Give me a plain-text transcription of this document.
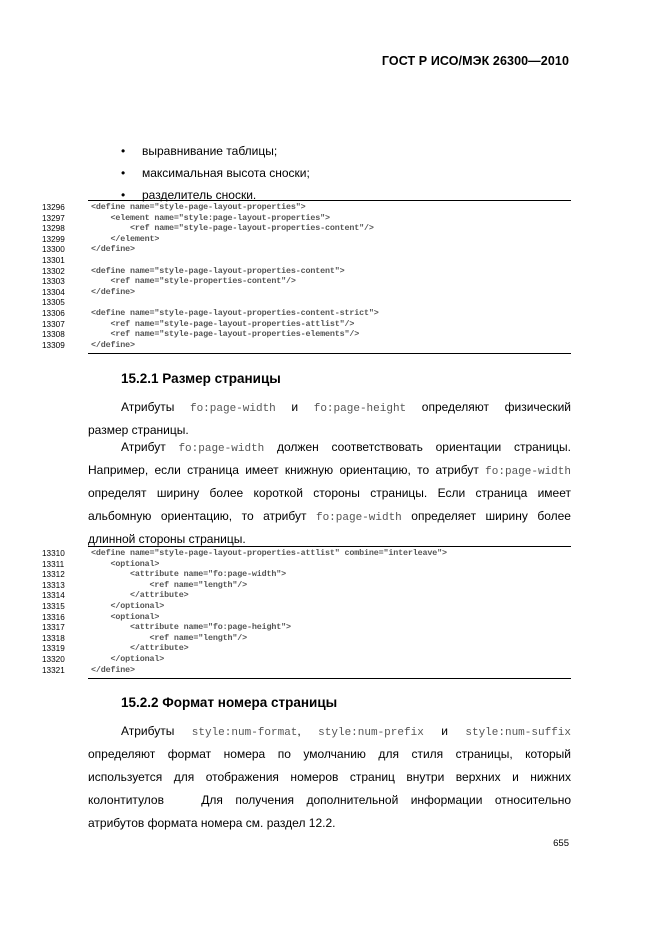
ГОСТ Р ИСО/МЭК 26300—2010
• выравнивание таблицы;
• максимальная высота сноски;
• разделитель сноски.
13296
13297
13298
13299
13300
13301
13302
13303
13304
13305
13306
13307
13308
13309
<define name="style-page-layout-properties">
<element name="style:page-layout-properties">
<ref name="style-page-layout-properties-content"/>
</element>
</define>
<define name="style-page-layout-properties-content">
<ref name="style-properties-content"/>
</define>
<define name="style-page-layout-properties-content-strict">
<ref name="style-page-layout-properties-attlist"/>
<ref name="style-page-layout-properties-elements"/>
</define>
15.2.1 Размер страницы
Атрибуты fo:page-width и fo:page-height определяют физический
размер страницы.
Атрибут fo:page-width должен соответствовать ориентации страницы.
Например, если страница имеет книжную ориентацию, то атрибут fo:page-width
определят ширину более короткой стороны страницы. Если страница имеет
альбомную ориентацию, то атрибут fo:page-width определяет ширину более
длинной стороны страницы.
13310
13311
13312
13313
13314
13315
13316
13317
13318
13319
13320
13321
<define name="style-page-layout-properties-attlist" combine="interleave">
<optional>
<attribute name="fo:page-width">
<ref name="length"/>
</attribute>
</optional>
<optional>
<attribute name="fo:page-height">
<ref name="length"/>
</attribute>
</optional>
</define>
15.2.2 Формат номера страницы
Атрибуты style:num-format, style:num-prefix и style:num-suffix
определяют формат номера по умолчанию для стиля страницы, который
используется для отображения номеров страниц внутри верхних и нижних
колонтитулов   Для получения дополнительной информации относительно
атрибутов формата номера см. раздел 12.2.
655
